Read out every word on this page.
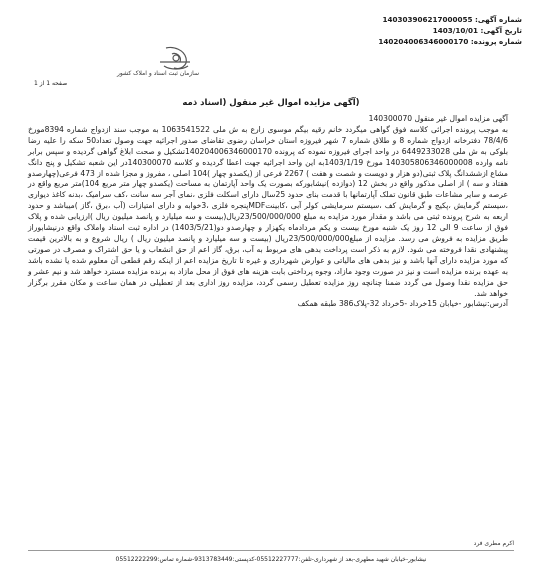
شماره آگهی: 140303906217000055
تاریخ آگهی: 1403/10/01
شماره پرونده: 140204006346000170
سازمان ثبت اسناد و املاک کشور
صفحه 1 از 1
(آگهی مزایده اموال غیر منقول (اسناد ذمه

آگهی مزایده اموال غیر منقول 140300070

به موجب پرونده اجرائی کلاسه فوق گواهی میگردد خانم رقیه بیگم موسوی زارع به ش ملی 1063541522 به موجب سند ازدواج شماره 8394مورخ 78/4/6 دفترخانه ازدواج شماره 8 و طلاق شماره 7 شهر فیروزه استان خراسان رضوی تقاضای صدور اجرائیه جهت وصول تعداد50 سکه را علیه رضا بلوکی به ش ملی 6449233028 در واحد اجرای فیروزه نموده که پرونده 140204006346000170تشکیل و صحت ابلاغ گواهی گردیده و سپس برابر نامه وارده 140305806346000008 مورخ 1403/1/19به این واحد اجرائیه جهت اعطا گردیده و کلاسه 140300070در این شعبه تشکیل و پنج دانگ مشاع ازششدانگ پلاک ثبتی(دو هزار و دویست و شصت و هفت ) 2267 فرعی از (یکصدو چهار )104 اصلی ، مفروز و مجزا شده از 473 فرعی(چهارصدو هفتاد و سه ) از اصلی مذکور واقع در بخش 12 (دوازده )نیشابورکه بصورت یک واحد آپارتمان به مساحت (یکصدو چهار متر مربع 104)متر مربع واقع در عرصه و سایر مشاعات طبق قانون تملک آپارتمانها با قدمت بنای حدود 25سال دارای اسکلت فلزی ،نمای آجر سه سانت ،کف سرامیک ،بدنه کاغذ دیواری ،سیستم گرمایش ،پکیج و گرمایش کف ،سیستم سرمایشی کولر آبی ،کابینتMDFپنجره فلزی ،3خوابه و دارای امتیازات (آب ،برق ،گاز )میباشد و حدود اربعه به شرح پرونده ثبتی می باشد و مقدار مورد مزایده به مبلغ 23/500/000/000ریال(بیست و سه میلیارد و پانصد میلیون ریال )ارزیابی شده و پلاک فوق از ساعت 9 الی 12 روز یک شنبه مورخ بیست و یکم مردادماه یکهزار و چهارصدو دو(1403/5/21) در اداره ثبت اسناد واملاک واقع درنیشابوراز طریق مزایده به فروش می رسد. مزایده از مبلغ23/500/000/000ریال (بیست و سه میلیارد و پانصد میلیون ریال ) ریال شروع و به بالاترین قیمت پیشنهادی نقدا فروخته می شود. لازم به ذکر است پرداخت بدهی های مربوط به آب، برق، گاز اعم از حق انشعاب و یا حق اشتراک و مصرف در صورتی که مورد مزایده دارای آنها باشد و نیز بدهی های مالیاتی و عوارض شهرداری و غیره تا تاریخ مزایده اعم از اینکه رقم قطعی آن معلوم شده یا نشده باشد به عهده برنده مزایده است و نیز در صورت وجود مازاد، وجوه پرداختی بابت هزینه های فوق از محل مازاد به برنده مزایده مسترد خواهد شد و نیم عشر و حق مزایده نقدا وصول می گردد ضمنا چنانچه روز مزایده تعطیل رسمی گردد، مزایده روز اداری بعد از تعطیلی در همان ساعت و مکان مقرر برگزار خواهد شد.

آدرس:نیشابور -خیابان 15خرداد -5خرداد 32-پلاک386 طبقه همکف

اکرم مطری فرد
نیشابور-خیابان شهید مطهری-بعد از شهرداری-تلفن:05512227777-کدپستی:9313783449-شماره تماس:05512222299
